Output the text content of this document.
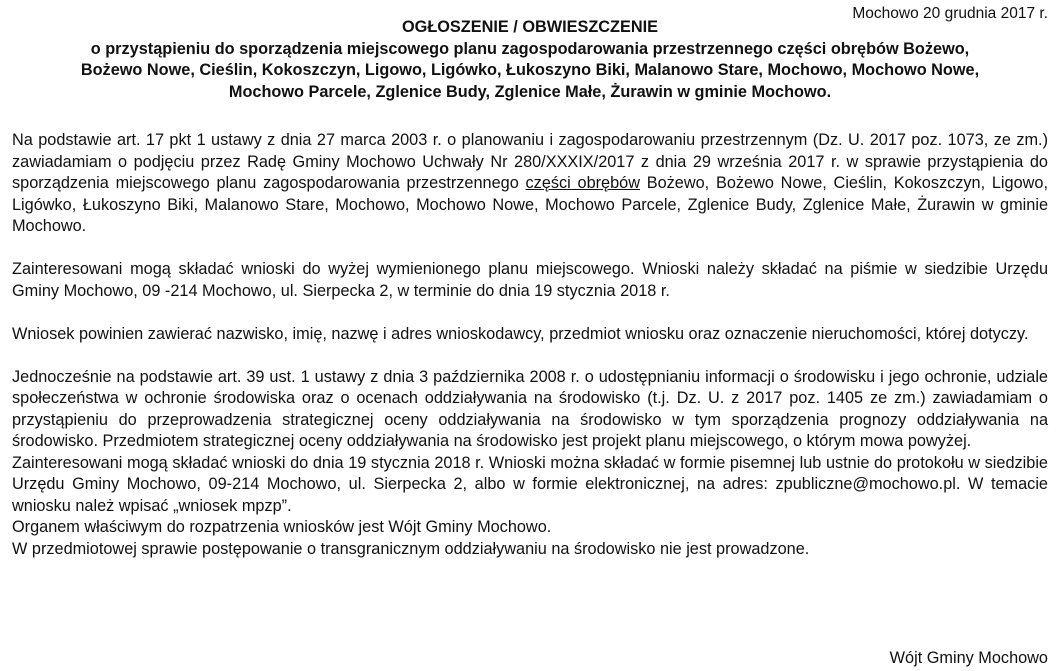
Mochowo 20 grudnia 2017 r.
OGŁOSZENIE / OBWIESZCZENIE
o przystąpieniu do sporządzenia miejscowego planu zagospodarowania przestrzennego części obrębów Bożewo,
Bożewo Nowe, Cieślin, Kokoszczyn, Ligowo, Ligówko, Łukoszyno Biki, Malanowo Stare, Mochowo, Mochowo Nowe,
Mochowo Parcele, Zglenice Budy, Zglenice Małe, Żurawin w gminie Mochowo.

Na podstawie art. 17 pkt 1 ustawy z dnia 27 marca 2003 r. o planowaniu i zagospodarowaniu przestrzennym (Dz. U. 2017 poz. 1073, ze zm.) zawiadamiam o podjęciu przez Radę Gminy Mochowo Uchwały Nr 280/XXXIX/2017 z dnia 29 września 2017 r. w sprawie przystąpienia do sporządzenia miejscowego planu zagospodarowania przestrzennego części obrębów Bożewo, Bożewo Nowe, Cieślin, Kokoszczyn, Ligowo, Ligówko, Łukoszyno Biki, Malanowo Stare, Mochowo, Mochowo Nowe, Mochowo Parcele, Zglenice Budy, Zglenice Małe, Żurawin w gminie Mochowo.

Zainteresowani mogą składać wnioski do wyżej wymienionego planu miejscowego. Wnioski należy składać na piśmie w siedzibie Urzędu Gminy Mochowo, 09 -214 Mochowo, ul. Sierpecka 2, w terminie do dnia 19 stycznia 2018 r.

Wniosek powinien zawierać nazwisko, imię, nazwę i adres wnioskodawcy, przedmiot wniosku oraz oznaczenie nieruchomości, której dotyczy.

Jednocześnie na podstawie art. 39 ust. 1 ustawy z dnia 3 października 2008 r. o udostępnianiu informacji o środowisku i jego ochronie, udziale społeczeństwa w ochronie środowiska oraz o ocenach oddziaływania na środowisko (t.j. Dz. U. z 2017 poz. 1405 ze zm.) zawiadamiam o przystąpieniu do przeprowadzenia strategicznej oceny oddziaływania na środowisko w tym sporządzenia prognozy oddziaływania na środowisko. Przedmiotem strategicznej oceny oddziaływania na środowisko jest projekt planu miejscowego, o którym mowa powyżej.

Zainteresowani mogą składać wnioski do dnia 19 stycznia 2018 r. Wnioski można składać w formie pisemnej lub ustnie do protokołu w siedzibie Urzędu Gminy Mochowo, 09-214 Mochowo, ul. Sierpecka 2, albo w formie elektronicznej, na adres: zpubliczne@mochowo.pl. W temacie wniosku należ wpisać „wniosek mpzp”.

Organem właściwym do rozpatrzenia wniosków jest Wójt Gminy Mochowo.

W przedmiotowej sprawie postępowanie o transgranicznym oddziaływaniu na środowisko nie jest prowadzone.

Wójt Gminy Mochowo
